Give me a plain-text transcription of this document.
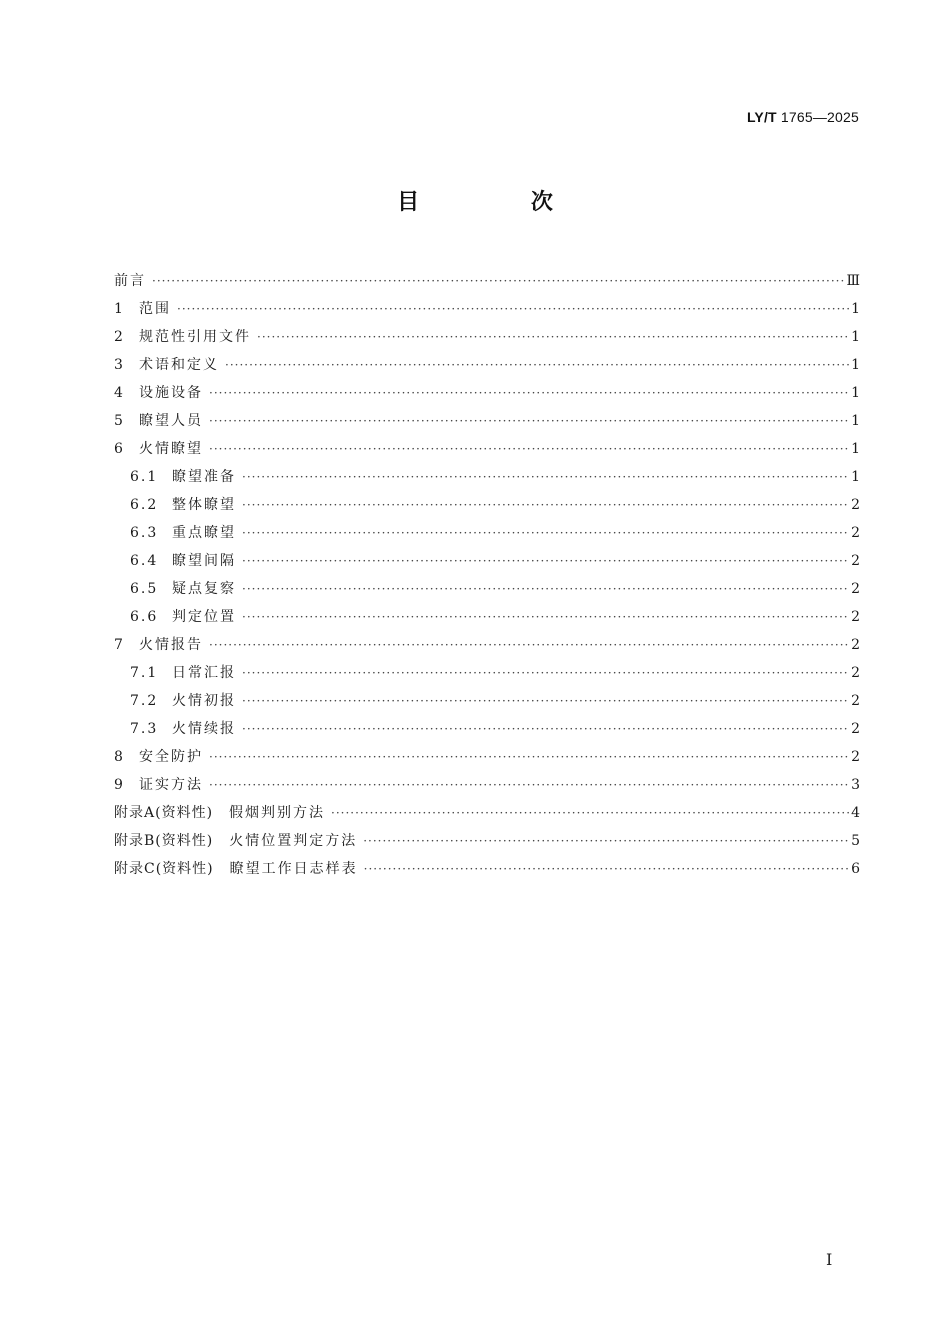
LY/T 1765—2025
目 次
前言 ·····	Ⅲ
1	范围 ·····	1
2	规范性引用文件 ·····	1
3	术语和定义 ·····	1
4	设施设备 ·····	1
5	瞭望人员 ·····	1
6	火情瞭望 ·····	1
6.1 瞭望准备 ·····	1
6.2 整体瞭望 ·····	2
6.3 重点瞭望 ·····	2
6.4 瞭望间隔 ·····	2
6.5 疑点复察 ·····	2
6.6 判定位置 ·····	2
7	火情报告 ·····	2
7.1 日常汇报 ·····	2
7.2 火情初报 ·····	2
7.3 火情续报 ·····	2
8	安全防护 ·····	2
9	证实方法 ·····	3
附录A(资料性)	假烟判别方法 ·····	4
附录B(资料性)	火情位置判定方法 ·····	5
附录C(资料性)	瞭望工作日志样表 ·····	6
I
